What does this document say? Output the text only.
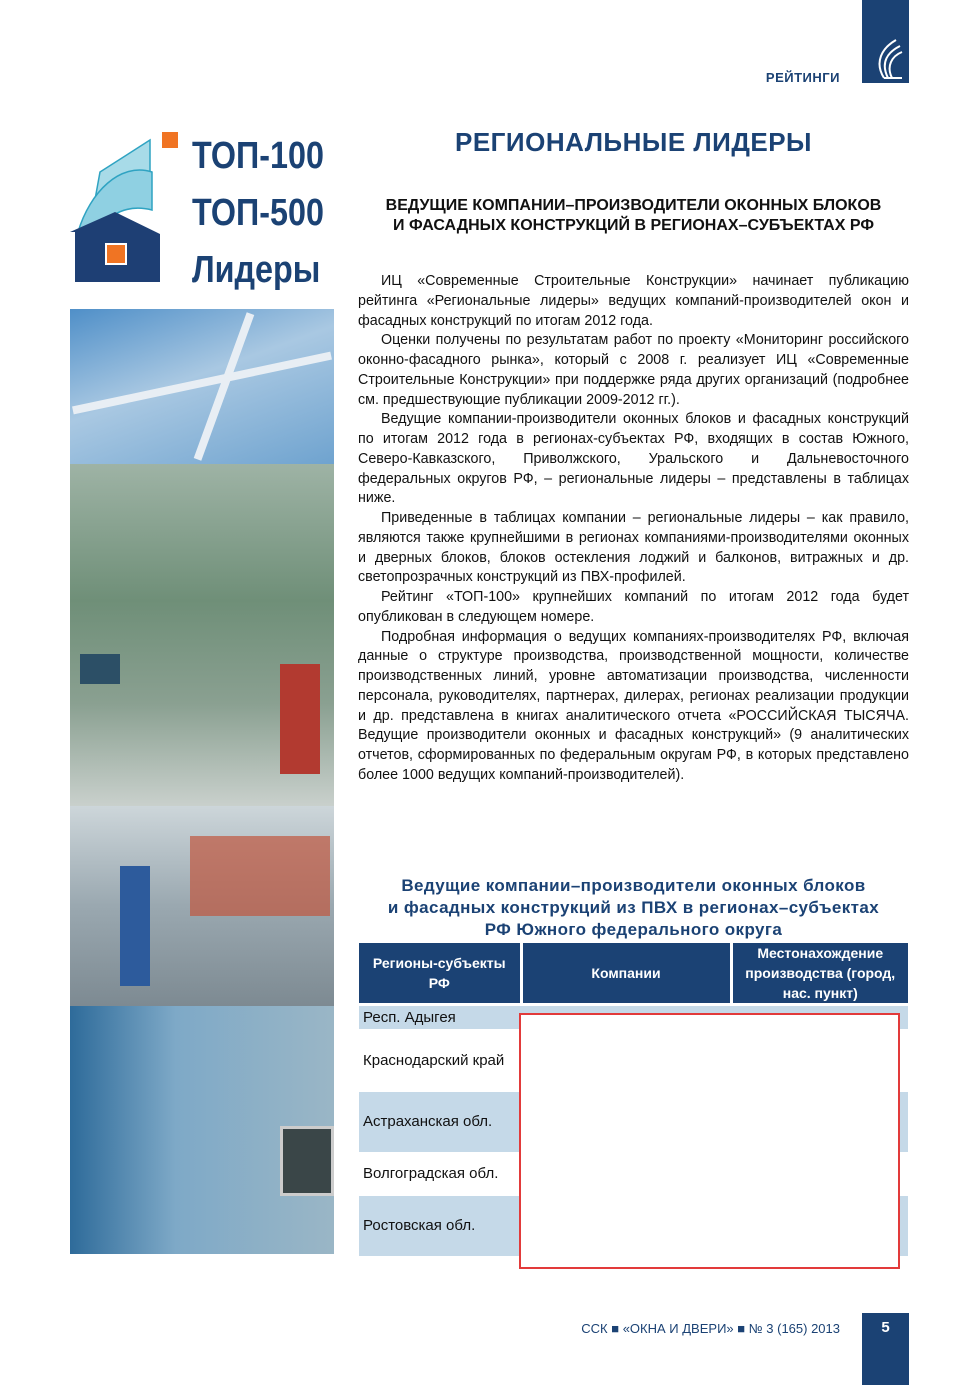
РЕЙТИНГИ
ТОП-100
ТОП-500
Лидеры
РЕГИОНАЛЬНЫЕ ЛИДЕРЫ
ВЕДУЩИЕ КОМПАНИИ–ПРОИЗВОДИТЕЛИ ОКОННЫХ БЛОКОВ
И ФАСАДНЫХ КОНСТРУКЦИЙ В РЕГИОНАХ–СУБЪЕКТАХ РФ

ИЦ «Современные Строительные Конструкции» начинает публикацию рейтинга «Региональные лидеры» ведущих компаний-производителей окон и фасадных конструкций по итогам 2012 года.

Оценки получены по результатам работ по проекту «Мониторинг российского оконно-фасадного рынка», который с 2008 г. реализует ИЦ «Современные Строительные Конструкции» при поддержке ряда других организаций (подробнее см. предшествующие публикации 2009-2012 гг.).

Ведущие компании-производители оконных блоков и фасадных конструкций по итогам 2012 года в регионах-субъектах РФ, входящих в состав Южного, Северо-Кавказского, Приволжского, Уральского и Дальневосточного федеральных округов РФ, – региональные лидеры – представлены в таблицах ниже.

Приведенные в таблицах компании – региональные лидеры – как правило, являются также крупнейшими в регионах компаниями-производителями оконных и дверных блоков, блоков остекления лоджий и балконов, витражных и др. светопрозрачных конструкций из ПВХ-профилей.

Рейтинг «ТОП-100» крупнейших компаний по итогам 2012 года будет опубликован в следующем номере.

Подробная информация о ведущих компаниях-производителях РФ, включая данные о структуре производства, производственной мощности, количестве производственных линий, уровне автоматизации производства, численности персонала, руководителях, партнерах, дилерах, регионах реализации продукции и др. представлена в книгах аналитического отчета «РОССИЙСКАЯ ТЫСЯЧА. Ведущие производители оконных и фасадных конструкций» (9 аналитических отчетов, сформированных по федеральным округам РФ, в которых представлено более 1000 ведущих компаний-производителей).

Ведущие компании–производители оконных блоков
и фасадных конструкций из ПВХ в регионах–субъектах
РФ Южного федерального округа
Регионы-субъекты РФ	Компании	Местонахождение производства (город, нас. пункт)
Респ. Адыгея		
Краснодарский край		
Астраханская обл.		
Волгоградская обл.		
Ростовская обл.		
ССК ■ «ОКНА И ДВЕРИ» ■ № 3 (165) 2013	5
